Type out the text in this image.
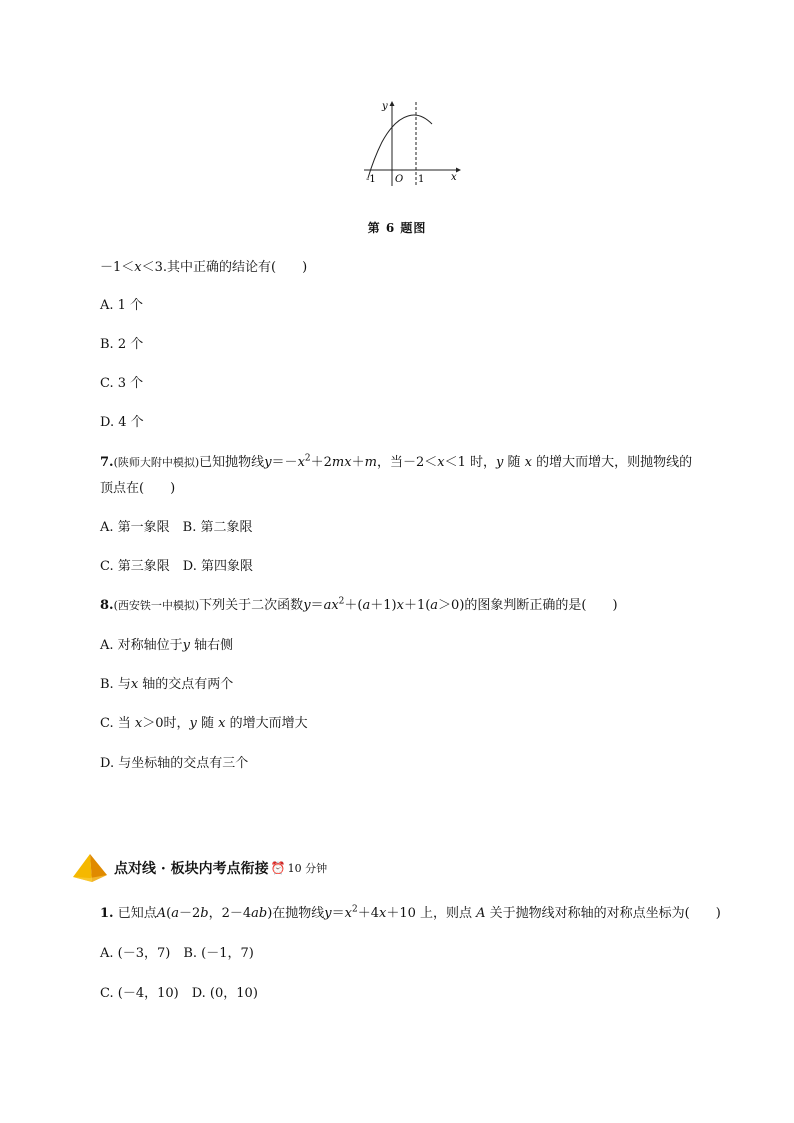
y
x
O
-1	1
第 6 题图
－1＜x＜3.其中正确的结论有(　　)
A. 1 个
B. 2 个
C. 3 个
D. 4 个
7.(陕师大附中模拟)已知抛物线$y=-x^2+2mx+m$，当－2＜x＜1 时，y 随 x 的增大而增大，则抛物线的
顶点在(　　)
A. 第一象限　B. 第二象限
C. 第三象限　D. 第四象限
8.(西安铁一中模拟)下列关于二次函数$y=ax^2+(a+1)x+1(a>0)$的图象判断正确的是(　　)
A. 对称轴位于y 轴右侧
B. 与x 轴的交点有两个
C. 当 x＞0时，y 随 x 的增大而增大
D. 与坐标轴的交点有三个
点对线 · 板块内考点衔接 ⏰ 10 分钟
1. 已知点A(a－2b，2－4ab)在抛物线$y=x^2+4x+10$ 上，则点 A 关于抛物线对称轴的对称点坐标为(　　)
A. (－3，7)　B. (－1，7)
C. (－4，10)　D. (0，10)
